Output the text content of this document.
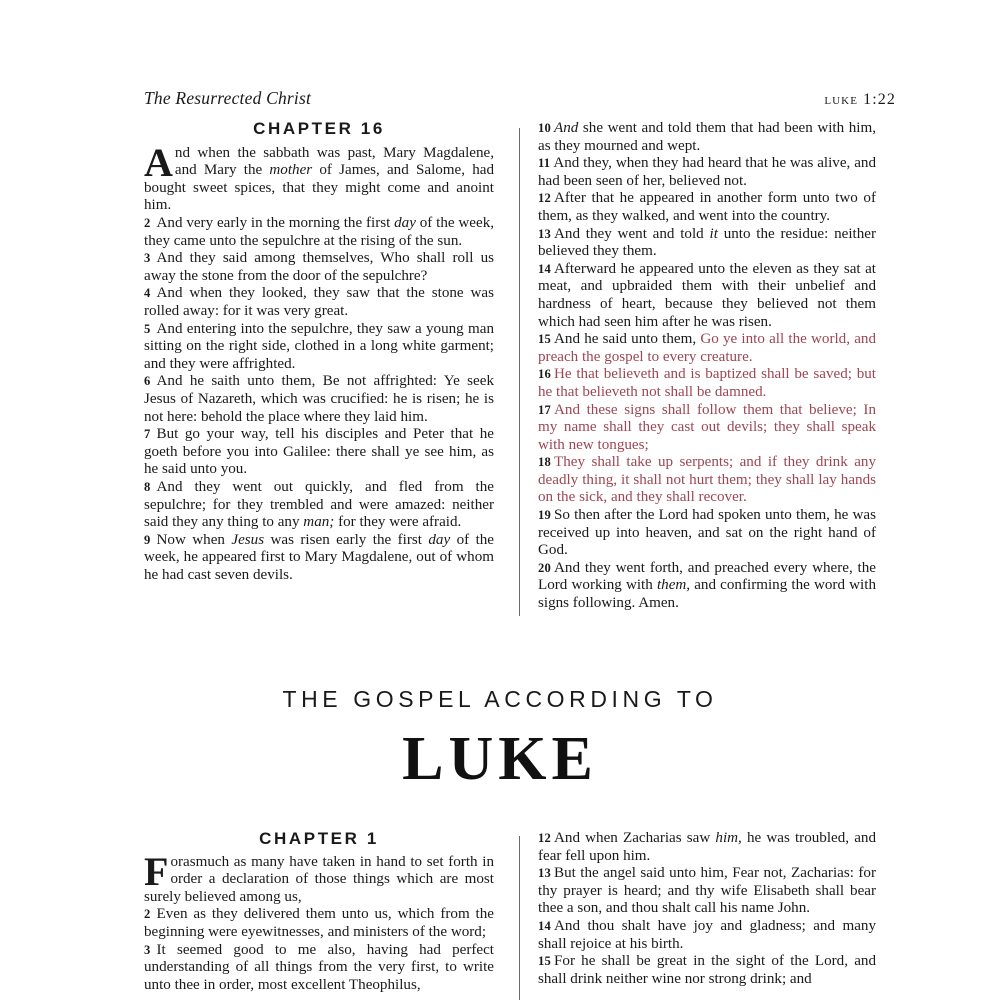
The Resurrected Christ	luke 1:22
CHAPTER 16

And when the sabbath was past, Mary Magdalene, and Mary the mother of James, and Salome, had bought sweet spices, that they might come and anoint him.

2 And very early in the morning the first day of the week, they came unto the sepulchre at the rising of the sun.

3 And they said among themselves, Who shall roll us away the stone from the door of the sepulchre?

4 And when they looked, they saw that the stone was rolled away: for it was very great.

5 And entering into the sepulchre, they saw a young man sitting on the right side, clothed in a long white garment; and they were affrighted.

6 And he saith unto them, Be not affrighted: Ye seek Jesus of Nazareth, which was crucified: he is risen; he is not here: behold the place where they laid him.

7 But go your way, tell his disciples and Peter that he goeth before you into Galilee: there shall ye see him, as he said unto you.

8 And they went out quickly, and fled from the sepulchre; for they trembled and were amazed: neither said they any thing to any man; for they were afraid.

9 Now when Jesus was risen early the first day of the week, he appeared first to Mary Magdalene, out of whom he had cast seven devils.

10 And she went and told them that had been with him, as they mourned and wept.

11 And they, when they had heard that he was alive, and had been seen of her, believed not.

12 After that he appeared in another form unto two of them, as they walked, and went into the country.

13 And they went and told it unto the residue: neither believed they them.

14 Afterward he appeared unto the eleven as they sat at meat, and upbraided them with their unbelief and hardness of heart, because they believed not them which had seen him after he was risen.

15 And he said unto them, Go ye into all the world, and preach the gospel to every creature.

16 He that believeth and is baptized shall be saved; but he that believeth not shall be damned.

17 And these signs shall follow them that believe; In my name shall they cast out devils; they shall speak with new tongues;

18 They shall take up serpents; and if they drink any deadly thing, it shall not hurt them; they shall lay hands on the sick, and they shall recover.

19 So then after the Lord had spoken unto them, he was received up into heaven, and sat on the right hand of God.

20 And they went forth, and preached every where, the Lord working with them, and confirming the word with signs following. Amen.

THE GOSPEL ACCORDING TO
LUKE
CHAPTER 1

Forasmuch as many have taken in hand to set forth in order a declaration of those things which are most surely believed among us,

2 Even as they delivered them unto us, which from the beginning were eyewitnesses, and ministers of the word;

3 It seemed good to me also, having had perfect understanding of all things from the very first, to write unto thee in order, most excellent Theophilus,

12 And when Zacharias saw him, he was troubled, and fear fell upon him.

13 But the angel said unto him, Fear not, Zacharias: for thy prayer is heard; and thy wife Elisabeth shall bear thee a son, and thou shalt call his name John.

14 And thou shalt have joy and gladness; and many shall rejoice at his birth.

15 For he shall be great in the sight of the Lord, and shall drink neither wine nor strong drink; and
